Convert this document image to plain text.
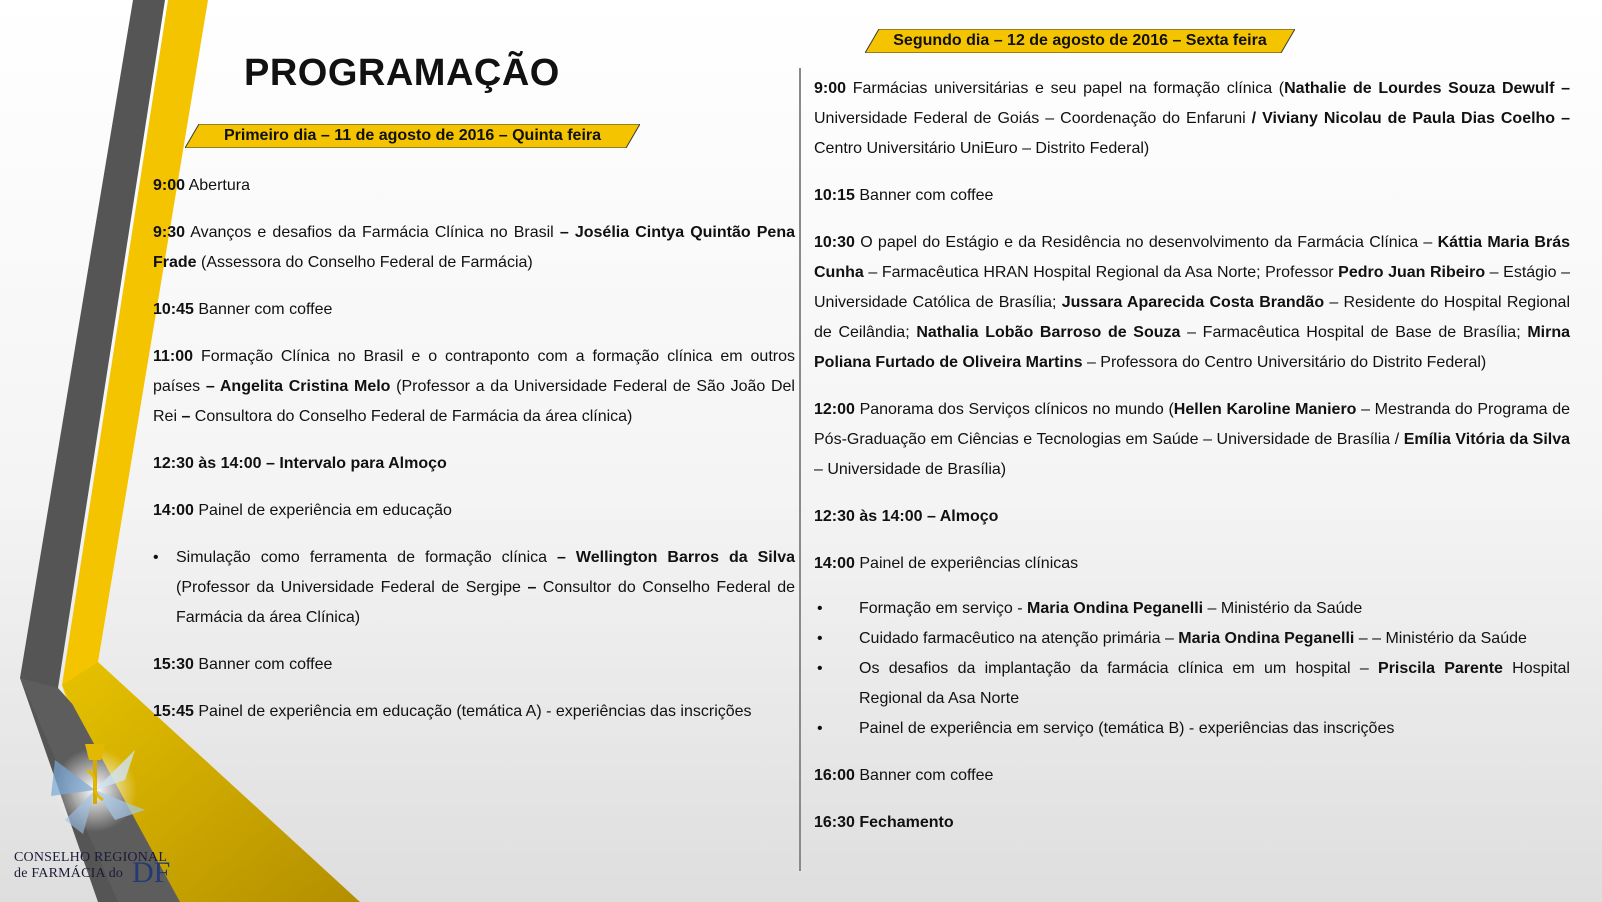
PROGRAMAÇÃO
Primeiro dia – 11 de agosto de 2016 – Quinta feira
Segundo dia – 12 de agosto de 2016 – Sexta feira

9:00 Abertura

9:30 Avanços e desafios da Farmácia Clínica no Brasil – Josélia Cintya Quintão Pena Frade (Assessora do Conselho Federal de Farmácia)

10:45 Banner com coffee

11:00 Formação Clínica no Brasil e o contraponto com a formação clínica em outros países – Angelita Cristina Melo (Professor a da Universidade Federal de São João Del Rei – Consultora do Conselho Federal de Farmácia da área clínica)

12:30 às 14:00 – Intervalo para Almoço

14:00 Painel de experiência em educação

• Simulação como ferramenta de formação clínica – Wellington Barros da Silva (Professor da Universidade Federal de Sergipe – Consultor do Conselho Federal de Farmácia da área Clínica)

15:30 Banner com coffee

15:45 Painel de experiência em educação (temática A) - experiências das inscrições

9:00 Farmácias universitárias e seu papel na formação clínica (Nathalie de Lourdes Souza Dewulf – Universidade Federal de Goiás – Coordenação do Enfaruni / Viviany Nicolau de Paula Dias Coelho – Centro Universitário UniEuro – Distrito Federal)

10:15 Banner com coffee

10:30 O papel do Estágio e da Residência no desenvolvimento da Farmácia Clínica – Káttia Maria Brás Cunha – Farmacêutica HRAN Hospital Regional da Asa Norte; Professor Pedro Juan Ribeiro – Estágio – Universidade Católica de Brasília; Jussara Aparecida Costa Brandão – Residente do Hospital Regional de Ceilândia; Nathalia Lobão Barroso de Souza – Farmacêutica Hospital de Base de Brasília; Mirna Poliana Furtado de Oliveira Martins – Professora do Centro Universitário do Distrito Federal)

12:00 Panorama dos Serviços clínicos no mundo (Hellen Karoline Maniero – Mestranda do Programa de Pós-Graduação em Ciências e Tecnologias em Saúde – Universidade de Brasília / Emília Vitória da Silva – Universidade de Brasília)

12:30 às 14:00 – Almoço

14:00 Painel de experiências clínicas

• Formação em serviço - Maria Ondina Peganelli – Ministério da Saúde

• Cuidado farmacêutico na atenção primária – Maria Ondina Peganelli – – Ministério da Saúde

• Os desafios da implantação da farmácia clínica em um hospital – Priscila Parente Hospital Regional da Asa Norte

• Painel de experiência em serviço (temática B) - experiências das inscrições

16:00 Banner com coffee

16:30 Fechamento

CONSELHO REGIONAL
de FARMÁCIA do DF
